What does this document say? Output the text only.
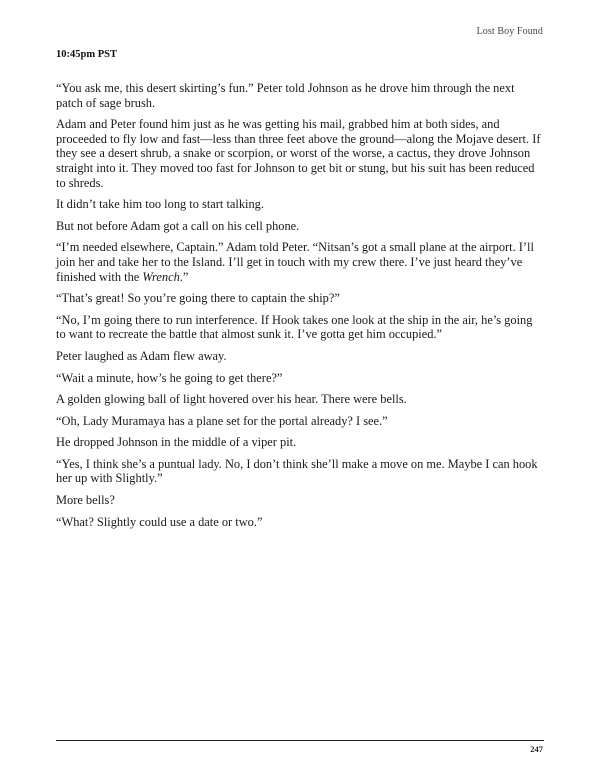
Lost Boy Found
10:45pm PST

“You ask me, this desert skirting’s fun.” Peter told Johnson as he drove him through the next patch of sage brush.

Adam and Peter found him just as he was getting his mail, grabbed him at both sides, and proceeded to fly low and fast—less than three feet above the ground—along the Mojave desert. If they see a desert shrub, a snake or scorpion, or worst of the worse, a cactus, they drove Johnson straight into it. They moved too fast for Johnson to get bit or stung, but his suit has been reduced to shreds.

It didn’t take him too long to start talking.

But not before Adam got a call on his cell phone.

“I’m needed elsewhere, Captain.” Adam told Peter. “Nitsan’s got a small plane at the airport. I’ll join her and take her to the Island. I’ll get in touch with my crew there. I’ve just heard they’ve finished with the Wrench.”

“That’s great! So you’re going there to captain the ship?”

“No, I’m going there to run interference. If Hook takes one look at the ship in the air, he’s going to want to recreate the battle that almost sunk it. I’ve gotta get him occupied.”

Peter laughed as Adam flew away.

“Wait a minute, how’s he going to get there?”

A golden glowing ball of light hovered over his hear. There were bells.

“Oh, Lady Muramaya has a plane set for the portal already? I see.”

He dropped Johnson in the middle of a viper pit.

“Yes, I think she’s a puntual lady. No, I don’t think she’ll make a move on me. Maybe I can hook her up with Slightly.”

More bells?

“What? Slightly could use a date or two.”

247
